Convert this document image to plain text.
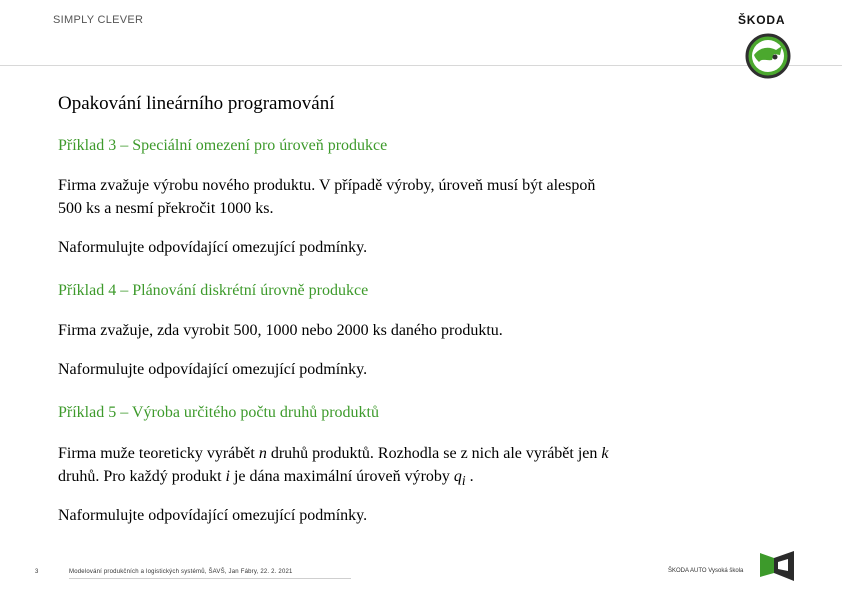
SIMPLY CLEVER	ŠKODA
Opakování lineárního programování
Příklad 3 – Speciální omezení pro úroveň produkce
Firma zvažuje výrobu nového produktu. V případě výroby, úroveň musí být alespoň
500 ks a nesmí překročit 1000 ks.
Naformulujte odpovídající omezující podmínky.
Příklad 4 – Plánování diskrétní úrovně produkce
Firma zvažuje, zda vyrobit 500, 1000 nebo 2000 ks daného produktu.
Naformulujte odpovídající omezující podmínky.
Příklad 5 – Výroba určitého počtu druhů produktů
Firma muže teoreticky vyrábět n druhů produktů. Rozhodla se z nich ale vyrábět jen k
druhů. Pro každý produkt i je dána maximální úroveň výroby $q_i$ .
Naformulujte odpovídající omezující podmínky.
3	Modelování produkčních a logistických systémů, ŠAVŠ, Jan Fábry, 22. 2. 2021	ŠKODA AUTO Vysoká škola
